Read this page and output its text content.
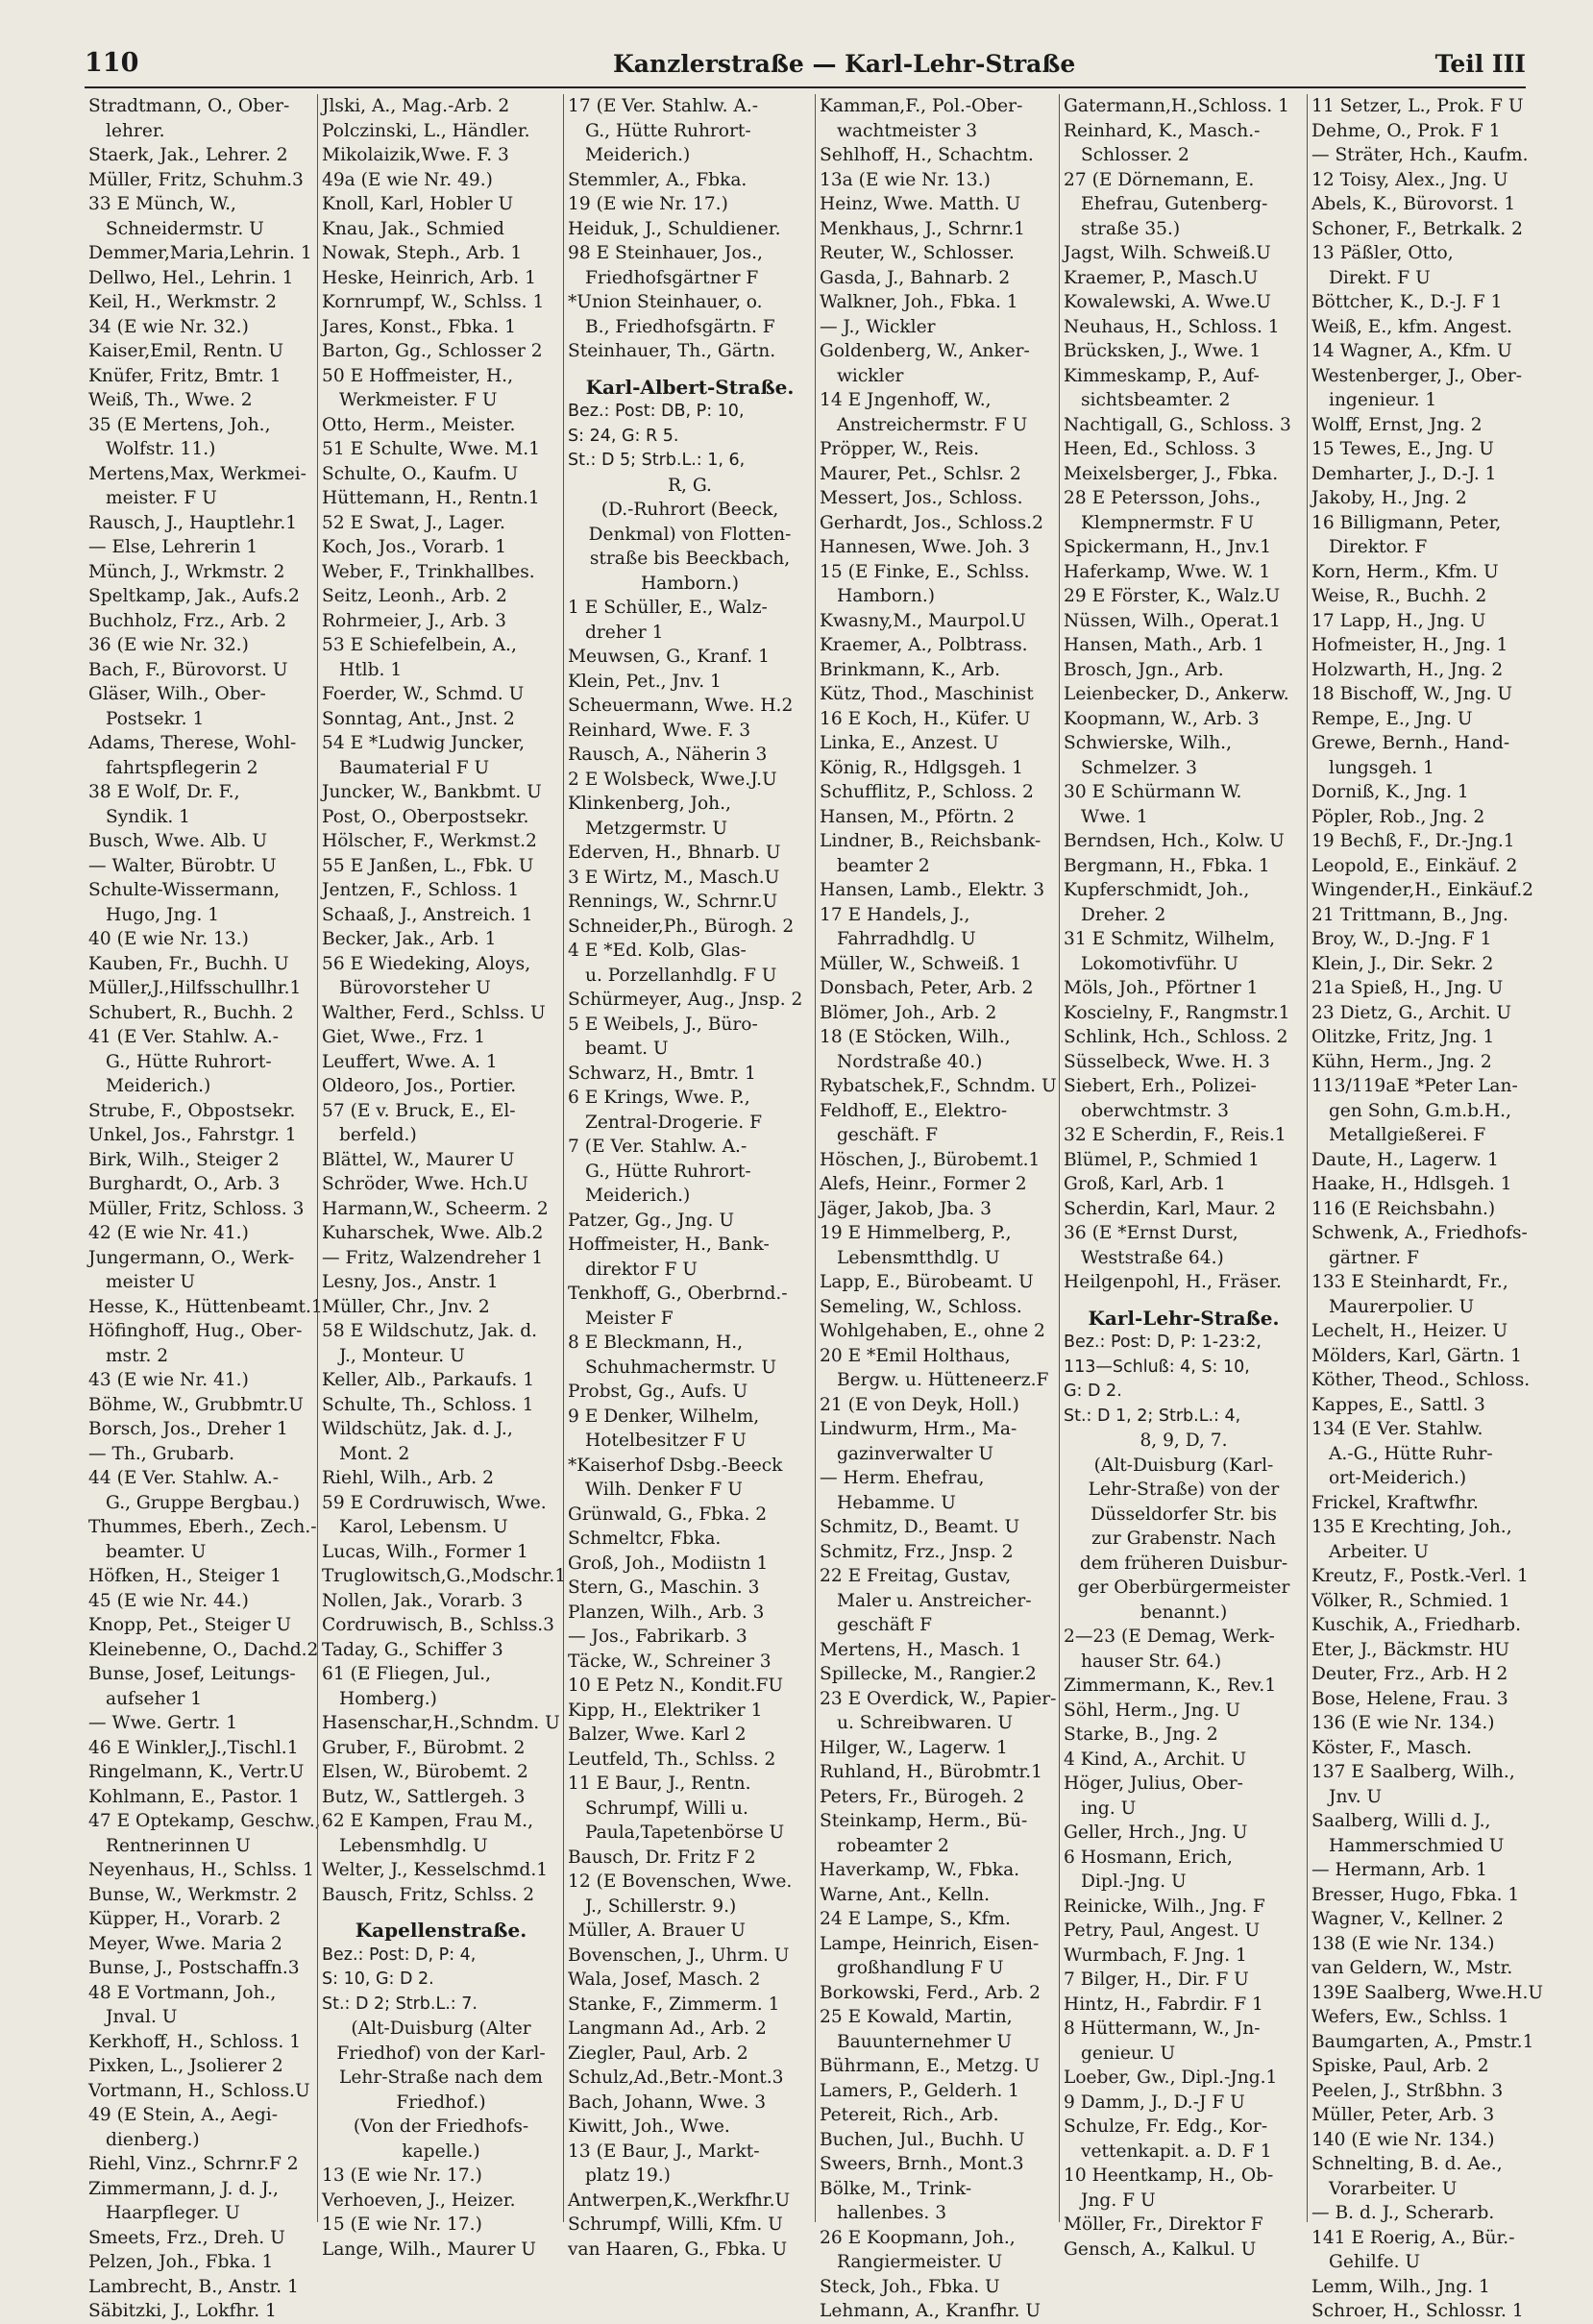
110	Kanzlerstraße — Karl-Lehr-Straße	Teil III
Stradtmann, O., Ober-
lehrer.
Staerk, Jak., Lehrer. 2
Müller, Fritz, Schuhm.3
33 E Münch, W.,
Schneidermstr. U
Demmer,Maria,Lehrin. 1
Dellwo, Hel., Lehrin. 1
Keil, H., Werkmstr. 2
34 (E wie Nr. 32.)
Kaiser,Emil, Rentn. U
Knüfer, Fritz, Bmtr. 1
Weiß, Th., Wwe. 2
35 (E Mertens, Joh.,
Wolfstr. 11.)
Mertens,Max, Werkmei-
meister. F U
Rausch, J., Hauptlehr.1
— Else, Lehrerin 1
Münch, J., Wrkmstr. 2
Speltkamp, Jak., Aufs.2
Buchholz, Frz., Arb. 2
36 (E wie Nr. 32.)
Bach, F., Bürovorst. U
Gläser, Wilh., Ober-
Postsekr. 1
Adams, Therese, Wohl-
fahrtspflegerin 2
38 E Wolf, Dr. F.,
Syndik. 1
Busch, Wwe. Alb. U
— Walter, Bürobtr. U
Schulte-Wissermann,
Hugo, Jng. 1
40 (E wie Nr. 13.)
Kauben, Fr., Buchh. U
Müller,J.,Hilfsschullhr.1
Schubert, R., Buchh. 2
41 (E Ver. Stahlw. A.-
G., Hütte Ruhrort-
Meiderich.)
Strube, F., Obpostsekr.
Unkel, Jos., Fahrstgr. 1
Birk, Wilh., Steiger 2
Burghardt, O., Arb. 3
Müller, Fritz, Schloss. 3
42 (E wie Nr. 41.)
Jungermann, O., Werk-
meister U
Hesse, K., Hüttenbeamt.1
Höfinghoff, Hug., Ober-
mstr. 2
43 (E wie Nr. 41.)
Böhme, W., Grubbmtr.U
Borsch, Jos., Dreher 1
— Th., Grubarb.
44 (E Ver. Stahlw. A.-
G., Gruppe Bergbau.)
Thummes, Eberh., Zech.-
beamter. U
Höfken, H., Steiger 1
45 (E wie Nr. 44.)
Knopp, Pet., Steiger U
Kleinebenne, O., Dachd.2
Bunse, Josef, Leitungs-
aufseher 1
— Wwe. Gertr. 1
46 E Winkler,J.,Tischl.1
Ringelmann, K., Vertr.U
Kohlmann, E., Pastor. 1
47 E Optekamp, Geschw.,
Rentnerinnen U
Neyenhaus, H., Schlss. 1
Bunse, W., Werkmstr. 2
Küpper, H., Vorarb. 2
Meyer, Wwe. Maria 2
Bunse, J., Postschaffn.3
48 E Vortmann, Joh.,
Jnval. U
Kerkhoff, H., Schloss. 1
Pixken, L., Jsolierer 2
Vortmann, H., Schloss.U
49 (E Stein, A., Aegi-
dienberg.)
Riehl, Vinz., Schrnr.F 2
Zimmermann, J. d. J.,
Haarpfleger. U
Smeets, Frz., Dreh. U
Pelzen, Joh., Fbka. 1
Lambrecht, B., Anstr. 1
Säbitzki, J., Lokfhr. 1
Jlski, A., Mag.-Arb. 2
Polczinski, L., Händler.
Mikolaizik,Wwe. F. 3
49a (E wie Nr. 49.)
Knoll, Karl, Hobler U
Knau, Jak., Schmied
Nowak, Steph., Arb. 1
Heske, Heinrich, Arb. 1
Kornrumpf, W., Schlss. 1
Jares, Konst., Fbka. 1
Barton, Gg., Schlosser 2
50 E Hoffmeister, H.,
Werkmeister. F U
Otto, Herm., Meister.
51 E Schulte, Wwe. M.1
Schulte, O., Kaufm. U
Hüttemann, H., Rentn.1
52 E Swat, J., Lager.
Koch, Jos., Vorarb. 1
Weber, F., Trinkhallbes.
Seitz, Leonh., Arb. 2
Rohrmeier, J., Arb. 3
53 E Schiefelbein, A.,
Htlb. 1
Foerder, W., Schmd. U
Sonntag, Ant., Jnst. 2
54 E *Ludwig Juncker,
Baumaterial F U
Juncker, W., Bankbmt. U
Post, O., Oberpostsekr.
Hölscher, F., Werkmst.2
55 E Janßen, L., Fbk. U
Jentzen, F., Schloss. 1
Schaaß, J., Anstreich. 1
Becker, Jak., Arb. 1
56 E Wiedeking, Aloys,
Bürovorsteher U
Walther, Ferd., Schlss. U
Giet, Wwe., Frz. 1
Leuffert, Wwe. A. 1
Oldeoro, Jos., Portier.
57 (E v. Bruck, E., El-
berfeld.)
Blättel, W., Maurer U
Schröder, Wwe. Hch.U
Harmann,W., Scheerm. 2
Kuharschek, Wwe. Alb.2
— Fritz, Walzendreher 1
Lesny, Jos., Anstr. 1
Müller, Chr., Jnv. 2
58 E Wildschutz, Jak. d.
J., Monteur. U
Keller, Alb., Parkaufs. 1
Schulte, Th., Schloss. 1
Wildschütz, Jak. d. J.,
Mont. 2
Riehl, Wilh., Arb. 2
59 E Cordruwisch, Wwe.
Karol, Lebensm. U
Lucas, Wilh., Former 1
Truglowitsch,G.,Modschr.1
Nollen, Jak., Vorarb. 3
Cordruwisch, B., Schlss.3
Taday, G., Schiffer 3
61 (E Fliegen, Jul.,
Homberg.)
Hasenschar,H.,Schndm. U
Gruber, F., Bürobmt. 2
Elsen, W., Bürobemt. 2
Butz, W., Sattlergeh. 3
62 E Kampen, Frau M.,
Lebensmhdlg. U
Welter, J., Kesselschmd.1
Bausch, Fritz, Schlss. 2
Kapellenstraße.
Bez.: Post: D, P: 4,
S: 10, G: D 2.
St.: D 2; Strb.L.: 7.
(Alt-Duisburg (Alter
Friedhof) von der Karl-
Lehr-Straße nach dem
Friedhof.)
(Von der Friedhofs-
kapelle.)
13 (E wie Nr. 17.)
Verhoeven, J., Heizer.
15 (E wie Nr. 17.)
Lange, Wilh., Maurer U
17 (E Ver. Stahlw. A.-
G., Hütte Ruhrort-
Meiderich.)
Stemmler, A., Fbka.
19 (E wie Nr. 17.)
Heiduk, J., Schuldiener.
98 E Steinhauer, Jos.,
Friedhofsgärtner F
*Union Steinhauer, o.
B., Friedhofsgärtn. F
Steinhauer, Th., Gärtn.
Karl-Albert-Straße.
Bez.: Post: DB, P: 10,
S: 24, G: R 5.
St.: D 5; Strb.L.: 1, 6,
R, G.
(D.-Ruhrort (Beeck,
Denkmal) von Flotten-
straße bis Beeckbach,
Hamborn.)
1 E Schüller, E., Walz-
dreher 1
Meuwsen, G., Kranf. 1
Klein, Pet., Jnv. 1
Scheuermann, Wwe. H.2
Reinhard, Wwe. F. 3
Rausch, A., Näherin 3
2 E Wolsbeck, Wwe.J.U
Klinkenberg, Joh.,
Metzgermstr. U
Ederven, H., Bhnarb. U
3 E Wirtz, M., Masch.U
Rennings, W., Schrnr.U
Schneider,Ph., Bürogh. 2
4 E *Ed. Kolb, Glas-
u. Porzellanhdlg. F U
Schürmeyer, Aug., Jnsp. 2
5 E Weibels, J., Büro-
beamt. U
Schwarz, H., Bmtr. 1
6 E Krings, Wwe. P.,
Zentral-Drogerie. F
7 (E Ver. Stahlw. A.-
G., Hütte Ruhrort-
Meiderich.)
Patzer, Gg., Jng. U
Hoffmeister, H., Bank-
direktor F U
Tenkhoff, G., Oberbrnd.-
Meister F
8 E Bleckmann, H.,
Schuhmachermstr. U
Probst, Gg., Aufs. U
9 E Denker, Wilhelm,
Hotelbesitzer F U
*Kaiserhof Dsbg.-Beeck
Wilh. Denker F U
Grünwald, G., Fbka. 2
Schmeltcr, Fbka.
Groß, Joh., Modiistn 1
Stern, G., Maschin. 3
Planzen, Wilh., Arb. 3
— Jos., Fabrikarb. 3
Täcke, W., Schreiner 3
10 E Petz N., Kondit.FU
Kipp, H., Elektriker 1
Balzer, Wwe. Karl 2
Leutfeld, Th., Schlss. 2
11 E Baur, J., Rentn.
Schrumpf, Willi u.
Paula,Tapetenbörse U
Bausch, Dr. Fritz F 2
12 (E Bovenschen, Wwe.
J., Schillerstr. 9.)
Müller, A. Brauer U
Bovenschen, J., Uhrm. U
Wala, Josef, Masch. 2
Stanke, F., Zimmerm. 1
Langmann Ad., Arb. 2
Ziegler, Paul, Arb. 2
Schulz,Ad.,Betr.-Mont.3
Bach, Johann, Wwe. 3
Kiwitt, Joh., Wwe.
13 (E Baur, J., Markt-
platz 19.)
Antwerpen,K.,Werkfhr.U
Schrumpf, Willi, Kfm. U
van Haaren, G., Fbka. U
Kamman,F., Pol.-Ober-
wachtmeister 3
Sehlhoff, H., Schachtm.
13a (E wie Nr. 13.)
Heinz, Wwe. Matth. U
Menkhaus, J., Schrnr.1
Reuter, W., Schlosser.
Gasda, J., Bahnarb. 2
Walkner, Joh., Fbka. 1
— J., Wickler
Goldenberg, W., Anker-
wickler
14 E Jngenhoff, W.,
Anstreichermstr. F U
Pröpper, W., Reis.
Maurer, Pet., Schlsr. 2
Messert, Jos., Schloss.
Gerhardt, Jos., Schloss.2
Hannesen, Wwe. Joh. 3
15 (E Finke, E., Schlss.
Hamborn.)
Kwasny,M., Maurpol.U
Kraemer, A., Polbtrass.
Brinkmann, K., Arb.
Kütz, Thod., Maschinist
16 E Koch, H., Küfer. U
Linka, E., Anzest. U
König, R., Hdlgsgeh. 1
Schufflitz, P., Schloss. 2
Hansen, M., Pförtn. 2
Lindner, B., Reichsbank-
beamter 2
Hansen, Lamb., Elektr. 3
17 E Handels, J.,
Fahrradhdlg. U
Müller, W., Schweiß. 1
Donsbach, Peter, Arb. 2
Blömer, Joh., Arb. 2
18 (E Stöcken, Wilh.,
Nordstraße 40.)
Rybatschek,F., Schndm. U
Feldhoff, E., Elektro-
geschäft. F
Höschen, J., Bürobemt.1
Alefs, Heinr., Former 2
Jäger, Jakob, Jba. 3
19 E Himmelberg, P.,
Lebensmtthdlg. U
Lapp, E., Bürobeamt. U
Semeling, W., Schloss.
Wohlgehaben, E., ohne 2
20 E *Emil Holthaus,
Bergw. u. Hütteneerz.F
21 (E von Deyk, Holl.)
Lindwurm, Hrm., Ma-
gazinverwalter U
— Herm. Ehefrau,
Hebamme. U
Schmitz, D., Beamt. U
Schmitz, Frz., Jnsp. 2
22 E Freitag, Gustav,
Maler u. Anstreicher-
geschäft F
Mertens, H., Masch. 1
Spillecke, M., Rangier.2
23 E Overdick, W., Papier-
u. Schreibwaren. U
Hilger, W., Lagerw. 1
Ruhland, H., Bürobmtr.1
Peters, Fr., Bürogeh. 2
Steinkamp, Herm., Bü-
robeamter 2
Haverkamp, W., Fbka.
Warne, Ant., Kelln.
24 E Lampe, S., Kfm.
Lampe, Heinrich, Eisen-
großhandlung F U
Borkowski, Ferd., Arb. 2
25 E Kowald, Martin,
Bauunternehmer U
Bührmann, E., Metzg. U
Lamers, P., Gelderh. 1
Petereit, Rich., Arb.
Buchen, Jul., Buchh. U
Sweers, Brnh., Mont.3
Bölke, M., Trink-
hallenbes. 3
26 E Koopmann, Joh.,
Rangiermeister. U
Steck, Joh., Fbka. U
Lehmann, A., Kranfhr. U
Gatermann,H.,Schloss. 1
Reinhard, K., Masch.-
Schlosser. 2
27 (E Dörnemann, E.
Ehefrau, Gutenberg-
straße 35.)
Jagst, Wilh. Schweiß.U
Kraemer, P., Masch.U
Kowalewski, A. Wwe.U
Neuhaus, H., Schloss. 1
Brücksken, J., Wwe. 1
Kimmeskamp, P., Auf-
sichtsbeamter. 2
Nachtigall, G., Schloss. 3
Heen, Ed., Schloss. 3
Meixelsberger, J., Fbka.
28 E Petersson, Johs.,
Klempnermstr. F U
Spickermann, H., Jnv.1
Haferkamp, Wwe. W. 1
29 E Förster, K., Walz.U
Nüssen, Wilh., Operat.1
Hansen, Math., Arb. 1
Brosch, Jgn., Arb.
Leienbecker, D., Ankerw.
Koopmann, W., Arb. 3
Schwierske, Wilh.,
Schmelzer. 3
30 E Schürmann W.
Wwe. 1
Berndsen, Hch., Kolw. U
Bergmann, H., Fbka. 1
Kupferschmidt, Joh.,
Dreher. 2
31 E Schmitz, Wilhelm,
Lokomotivführ. U
Möls, Joh., Pförtner 1
Koscielny, F., Rangmstr.1
Schlink, Hch., Schloss. 2
Süsselbeck, Wwe. H. 3
Siebert, Erh., Polizei-
oberwchtmstr. 3
32 E Scherdin, F., Reis.1
Blümel, P., Schmied 1
Groß, Karl, Arb. 1
Scherdin, Karl, Maur. 2
36 (E *Ernst Durst,
Weststraße 64.)
Heilgenpohl, H., Fräser.
Karl-Lehr-Straße.
Bez.: Post: D, P: 1-23:2,
113—Schluß: 4, S: 10,
G: D 2.
St.: D 1, 2; Strb.L.: 4,
8, 9, D, 7.
(Alt-Duisburg (Karl-
Lehr-Straße) von der
Düsseldorfer Str. bis
zur Grabenstr. Nach
dem früheren Duisbur-
ger Oberbürgermeister
benannt.)
2—23 (E Demag, Werk-
hauser Str. 64.)
Zimmermann, K., Rev.1
Söhl, Herm., Jng. U
Starke, B., Jng. 2
4 Kind, A., Archit. U
Höger, Julius, Ober-
ing. U
Geller, Hrch., Jng. U
6 Hosmann, Erich,
Dipl.-Jng. U
Reinicke, Wilh., Jng. F
Petry, Paul, Angest. U
Wurmbach, F. Jng. 1
7 Bilger, H., Dir. F U
Hintz, H., Fabrdir. F 1
8 Hüttermann, W., Jn-
genieur. U
Loeber, Gw., Dipl.-Jng.1
9 Damm, J., D.-J F U
Schulze, Fr. Edg., Kor-
vettenkapit. a. D. F 1
10 Heentkamp, H., Ob-
Jng. F U
Möller, Fr., Direktor F
Gensch, A., Kalkul. U
11 Setzer, L., Prok. F U
Dehme, O., Prok. F 1
— Sträter, Hch., Kaufm.
12 Toisy, Alex., Jng. U
Abels, K., Bürovorst. 1
Schoner, F., Betrkalk. 2
13 Päßler, Otto,
Direkt. F U
Böttcher, K., D.-J. F 1
Weiß, E., kfm. Angest.
14 Wagner, A., Kfm. U
Westenberger, J., Ober-
ingenieur. 1
Wolff, Ernst, Jng. 2
15 Tewes, E., Jng. U
Demharter, J., D.-J. 1
Jakoby, H., Jng. 2
16 Billigmann, Peter,
Direktor. F
Korn, Herm., Kfm. U
Weise, R., Buchh. 2
17 Lapp, H., Jng. U
Hofmeister, H., Jng. 1
Holzwarth, H., Jng. 2
18 Bischoff, W., Jng. U
Rempe, E., Jng. U
Grewe, Bernh., Hand-
lungsgeh. 1
Dorniß, K., Jng. 1
Pöpler, Rob., Jng. 2
19 Bechß, F., Dr.-Jng.1
Leopold, E., Einkäuf. 2
Wingender,H., Einkäuf.2
21 Trittmann, B., Jng.
Broy, W., D.-Jng. F 1
Klein, J., Dir. Sekr. 2
21a Spieß, H., Jng. U
23 Dietz, G., Archit. U
Olitzke, Fritz, Jng. 1
Kühn, Herm., Jng. 2
113/119aE *Peter Lan-
gen Sohn, G.m.b.H.,
Metallgießerei. F
Daute, H., Lagerw. 1
Haake, H., Hdlsgeh. 1
116 (E Reichsbahn.)
Schwenk, A., Friedhofs-
gärtner. F
133 E Steinhardt, Fr.,
Maurerpolier. U
Lechelt, H., Heizer. U
Mölders, Karl, Gärtn. 1
Köther, Theod., Schloss.
Kappes, E., Sattl. 3
134 (E Ver. Stahlw.
A.-G., Hütte Ruhr-
ort-Meiderich.)
Frickel, Kraftwfhr.
135 E Krechting, Joh.,
Arbeiter. U
Kreutz, F., Postk.-Verl. 1
Völker, R., Schmied. 1
Kuschik, A., Friedharb.
Eter, J., Bäckmstr. HU
Deuter, Frz., Arb. H 2
Bose, Helene, Frau. 3
136 (E wie Nr. 134.)
Köster, F., Masch.
137 E Saalberg, Wilh.,
Jnv. U
Saalberg, Willi d. J.,
Hammerschmied U
— Hermann, Arb. 1
Bresser, Hugo, Fbka. 1
Wagner, V., Kellner. 2
138 (E wie Nr. 134.)
van Geldern, W., Mstr.
139E Saalberg, Wwe.H.U
Wefers, Ew., Schlss. 1
Baumgarten, A., Pmstr.1
Spiske, Paul, Arb. 2
Peelen, J., Strßbhn. 3
Müller, Peter, Arb. 3
140 (E wie Nr. 134.)
Schnelting, B. d. Ae.,
Vorarbeiter. U
— B. d. J., Scherarb.
141 E Roerig, A., Bür.-
Gehilfe. U
Lemm, Wilh., Jng. 1
Schroer, H., Schlossr. 1
